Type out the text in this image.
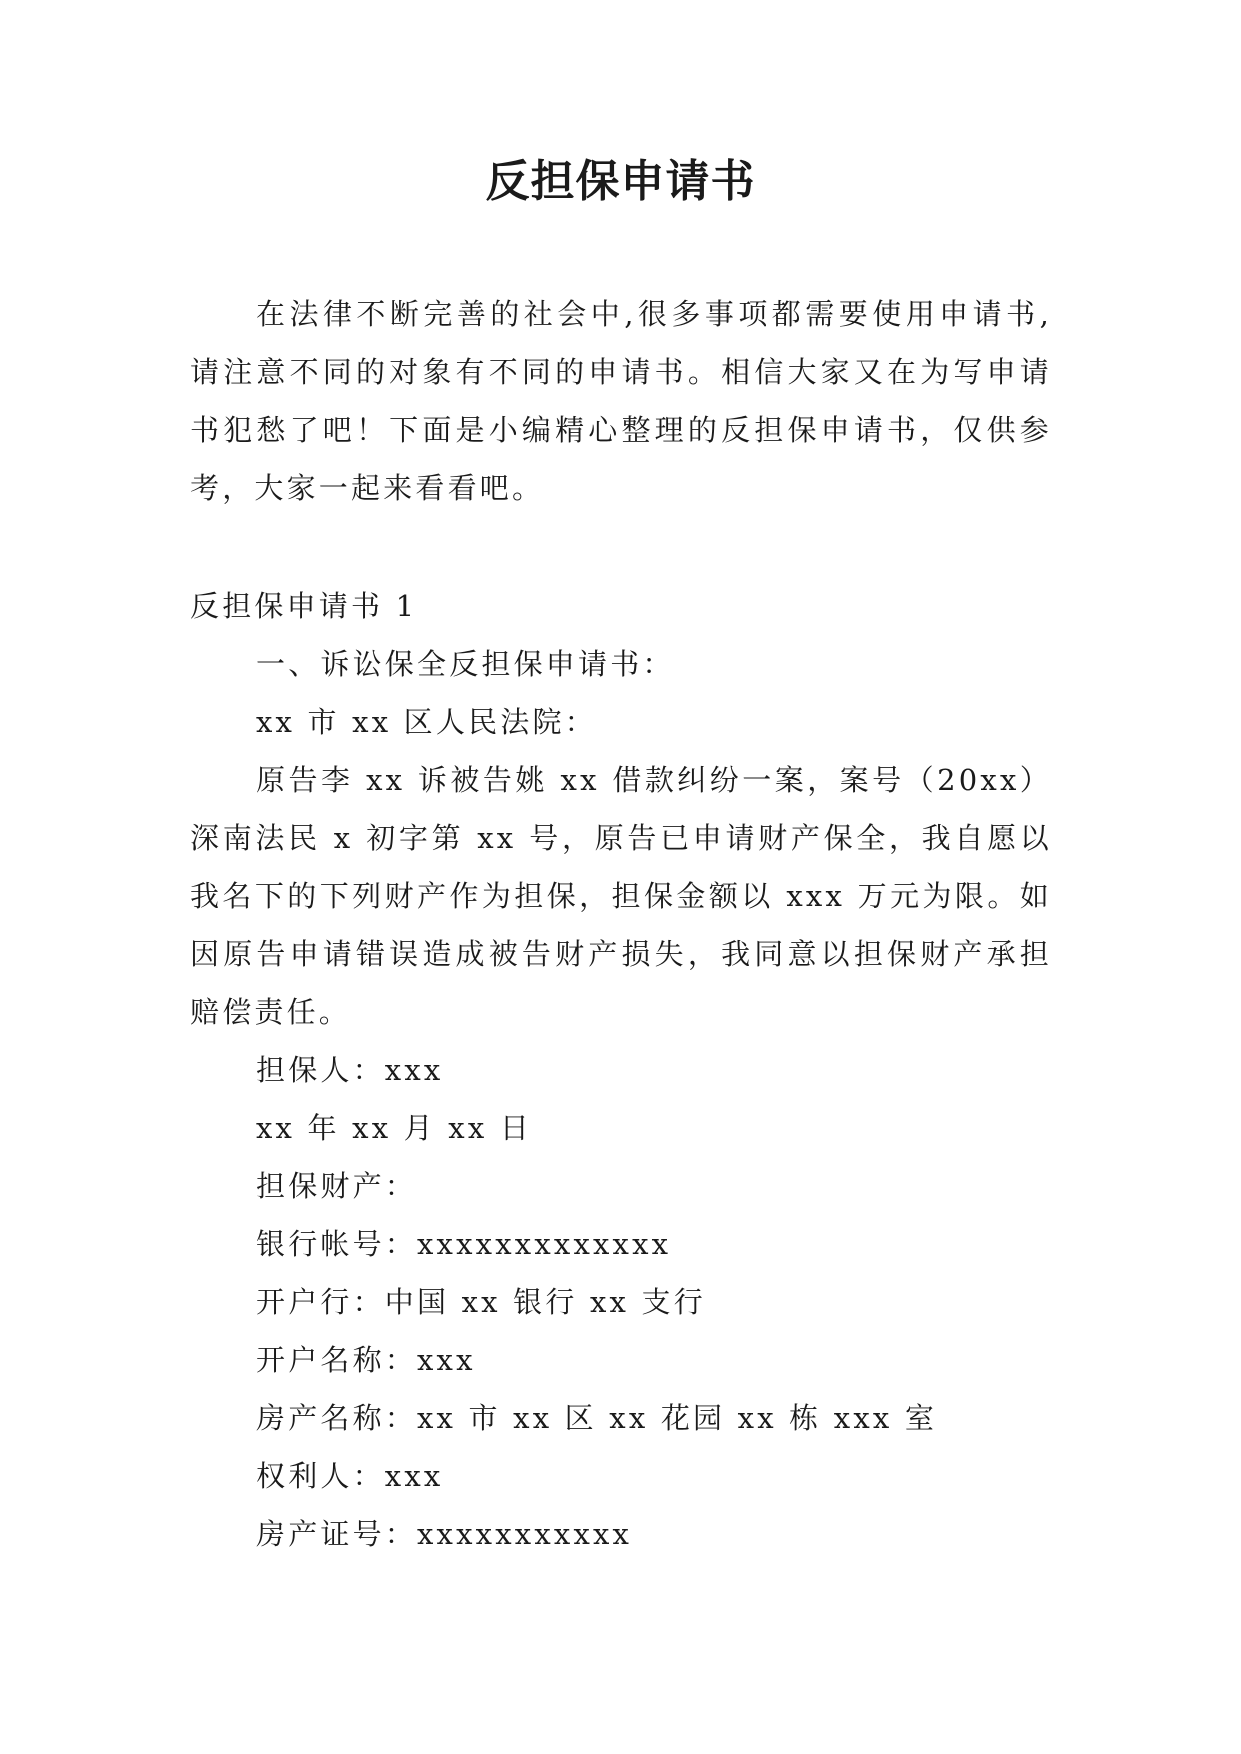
反担保申请书
在法律不断完善的社会中,很多事项都需要使用申请书,请注意不同的对象有不同的申请书。相信大家又在为写申请书犯愁了吧！下面是小编精心整理的反担保申请书，仅供参考，大家一起来看看吧。
反担保申请书 1
一、诉讼保全反担保申请书：
xx 市 xx 区人民法院：
原告李 xx 诉被告姚 xx 借款纠纷一案，案号（20xx）深南法民 x 初字第 xx 号，原告已申请财产保全，我自愿以我名下的下列财产作为担保，担保金额以 xxx 万元为限。如因原告申请错误造成被告财产损失，我同意以担保财产承担赔偿责任。
担保人：xxx
xx 年 xx 月 xx 日
担保财产：
银行帐号：xxxxxxxxxxxxx
开户行：中国 xx 银行 xx 支行
开户名称：xxx
房产名称：xx 市 xx 区 xx 花园 xx 栋 xxx 室
权利人：xxx
房产证号：xxxxxxxxxxx
